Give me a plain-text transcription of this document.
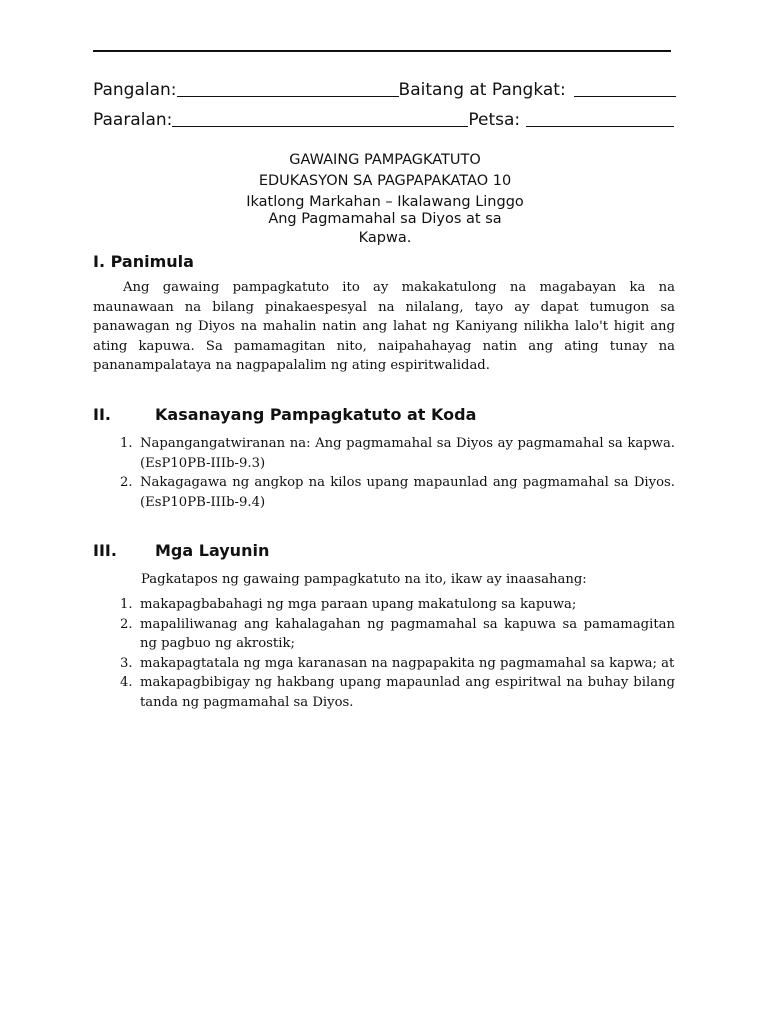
Pangalan:	Baitang at Pangkat:
Paaralan:	Petsa:
GAWAING PAMPAGKATUTO
EDUKASYON SA PAGPAPAKATAO 10
Ikatlong Markahan – Ikalawang Linggo
Ang Pagmamahal sa Diyos at sa
Kapwa.
I. Panimula
Ang gawaing pampagkatuto ito ay makakatulong na magabayan ka na maunawaan na bilang pinakaespesyal na nilalang, tayo ay dapat tumugon sa panawagan ng Diyos na mahalin natin ang lahat ng Kaniyang nilikha lalo't higit ang ating kapuwa. Sa pamamagitan nito, naipahahayag natin ang ating tunay na pananampalataya na nagpapalalim ng ating espiritwalidad.
II.	Kasanayang Pampagkatuto at Koda
1. Napangangatwiranan na: Ang pagmamahal sa Diyos ay pagmamahal sa kapwa. (EsP10PB-IIIb-9.3)
2. Nakagagawa ng angkop na kilos upang mapaunlad ang pagmamahal sa Diyos. (EsP10PB-IIIb-9.4)
III.	Mga Layunin
Pagkatapos ng gawaing pampagkatuto na ito, ikaw ay inaasahang:
1. makapagbabahagi ng mga paraan upang makatulong sa kapuwa;
2. mapaliliwanag ang kahalagahan ng pagmamahal sa kapuwa sa pamamagitan ng pagbuo ng akrostik;
3. makapagtatala ng mga karanasan na nagpapakita ng pagmamahal sa kapwa; at
4. makapagbibigay ng hakbang upang mapaunlad ang espiritwal na buhay bilang tanda ng pagmamahal sa Diyos.
